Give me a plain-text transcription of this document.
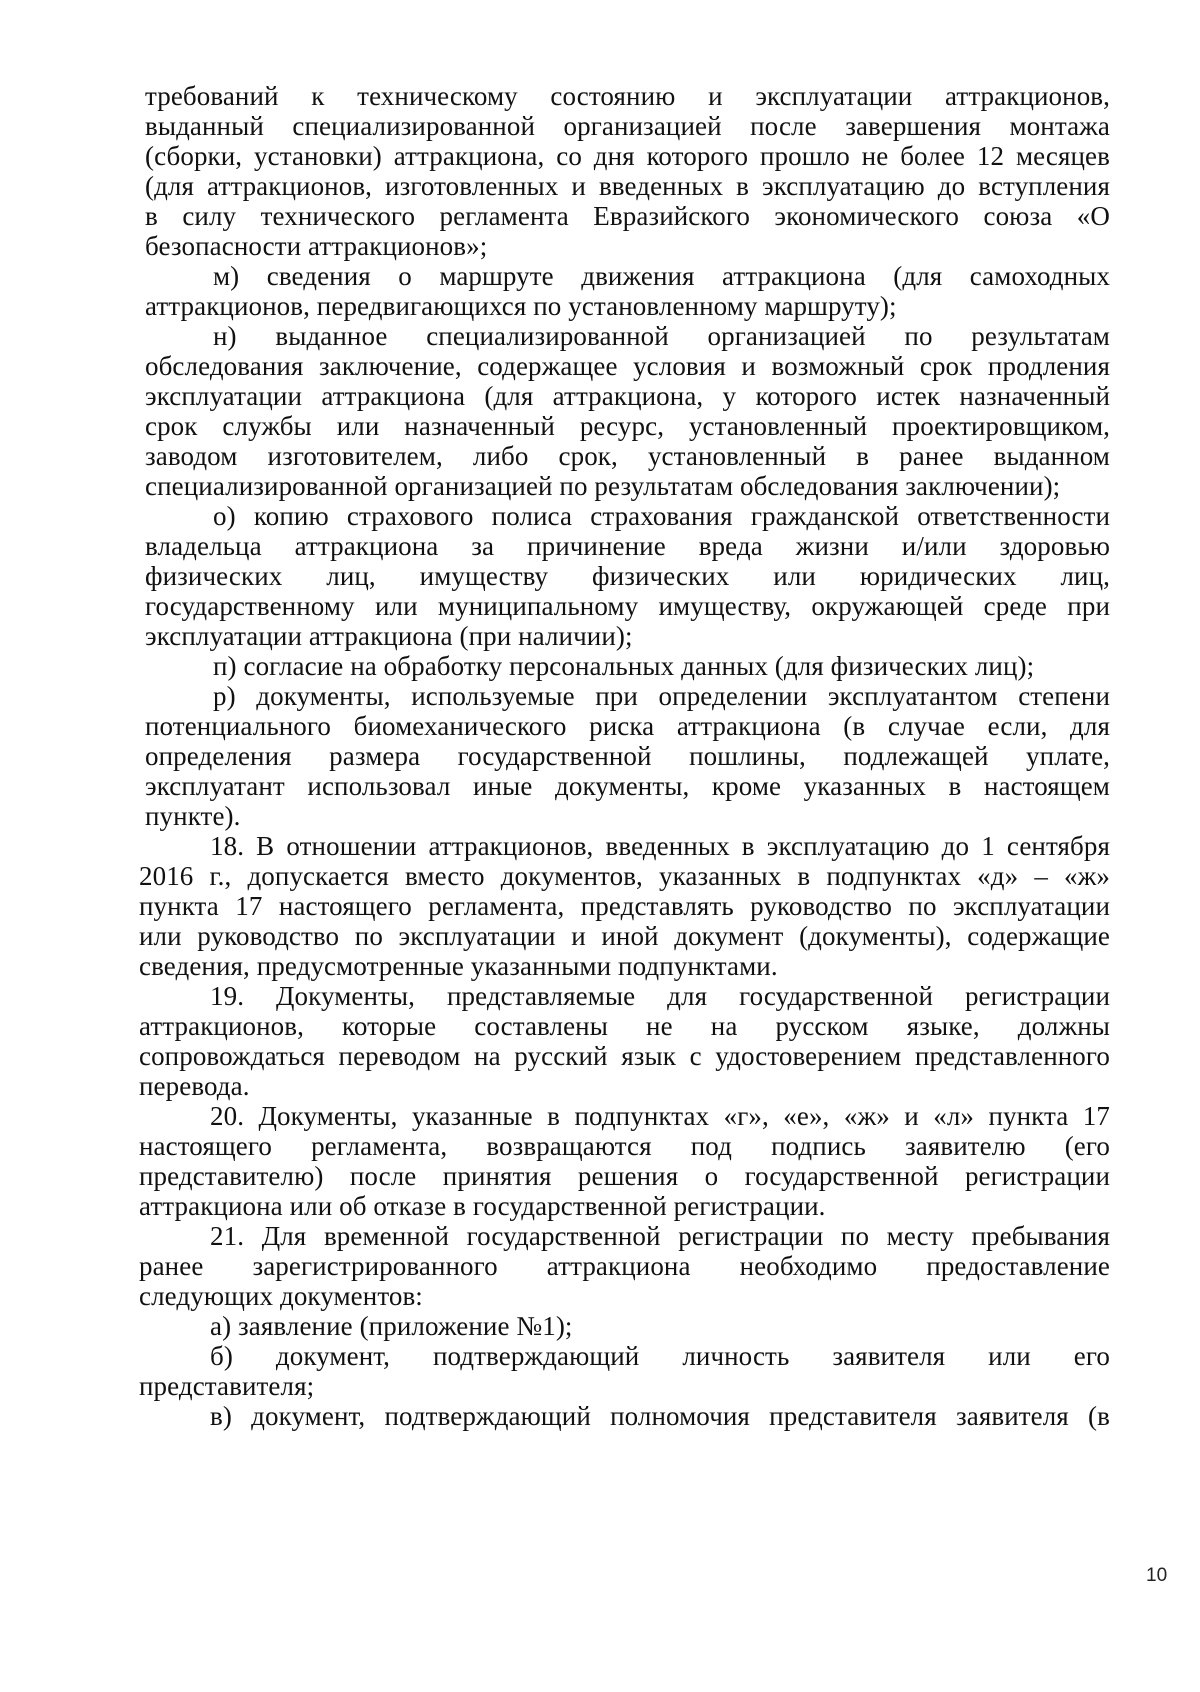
требований к техническому состоянию и эксплуатации аттракционов,
выданный специализированной организацией после завершения монтажа
(сборки, установки) аттракциона, со дня которого прошло не более 12 месяцев
(для аттракционов, изготовленных и введенных в эксплуатацию до вступления
в силу технического регламента Евразийского экономического союза «О
безопасности аттракционов»;
м) сведения о маршруте движения аттракциона (для самоходных
аттракционов, передвигающихся по установленному маршруту);
н) выданное специализированной организацией по результатам
обследования заключение, содержащее условия и возможный срок продления
эксплуатации аттракциона (для аттракциона, у которого истек назначенный
срок службы или назначенный ресурс, установленный проектировщиком,
заводом изготовителем, либо срок, установленный в ранее выданном
специализированной организацией по результатам обследования заключении);
о) копию страхового полиса страхования гражданской ответственности
владельца аттракциона за причинение вреда жизни и/или здоровью
физических лиц, имуществу физических или юридических лиц,
государственному или муниципальному имуществу, окружающей среде при
эксплуатации аттракциона (при наличии);
п) согласие на обработку персональных данных (для физических лиц);
р) документы, используемые при определении эксплуатантом степени
потенциального биомеханического риска аттракциона (в случае если, для
определения размера государственной пошлины, подлежащей уплате,
эксплуатант использовал иные документы, кроме указанных в настоящем
пункте).
18. В отношении аттракционов, введенных в эксплуатацию до 1 сентября
2016 г., допускается вместо документов, указанных в подпунктах «д» – «ж»
пункта 17 настоящего регламента, представлять руководство по эксплуатации
или руководство по эксплуатации и иной документ (документы), содержащие
сведения, предусмотренные указанными подпунктами.
19. Документы, представляемые для государственной регистрации
аттракционов, которые составлены не на русском языке, должны
сопровождаться переводом на русский язык с удостоверением представленного
перевода.
20. Документы, указанные в подпунктах «г», «е», «ж» и «л» пункта 17
настоящего регламента, возвращаются под подпись заявителю (его
представителю) после принятия решения о государственной регистрации
аттракциона или об отказе в государственной регистрации.
21. Для временной государственной регистрации по месту пребывания
ранее зарегистрированного аттракциона необходимо предоставление
следующих документов:
а) заявление (приложение №1);
б) документ, подтверждающий личность заявителя или его
представителя;
в) документ, подтверждающий полномочия представителя заявителя (в
10
